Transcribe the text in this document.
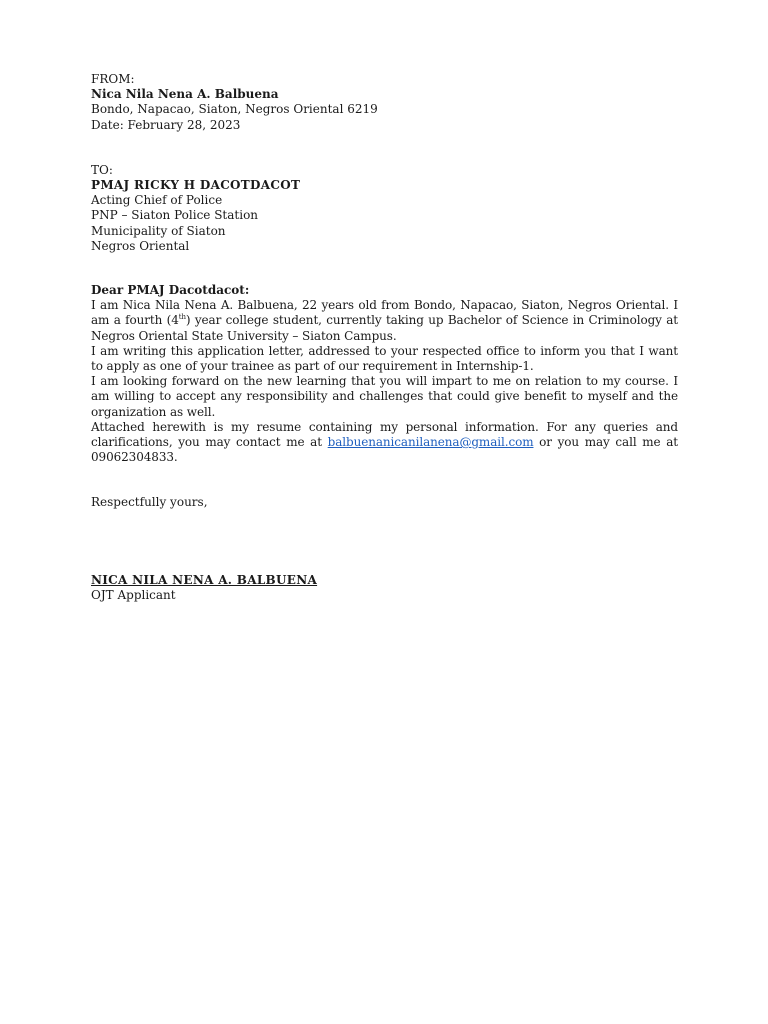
FROM:
Nica Nila Nena A. Balbuena
Bondo, Napacao, Siaton, Negros Oriental 6219
Date: February 28, 2023
TO:
PMAJ RICKY H DACOTDACOT
Acting Chief of Police
PNP – Siaton Police Station
Municipality of Siaton
Negros Oriental
Dear PMAJ Dacotdacot:
I am Nica Nila Nena A. Balbuena, 22 years old from Bondo, Napacao, Siaton, Negros Oriental. I am a fourth (4th) year college student, currently taking up Bachelor of Science in Criminology at Negros Oriental State University – Siaton Campus.
I am writing this application letter, addressed to your respected office to inform you that I want to apply as one of your trainee as part of our requirement in Internship-1.
I am looking forward on the new learning that you will impart to me on relation to my course. I am willing to accept any responsibility and challenges that could give benefit to myself and the organization as well.
Attached herewith is my resume containing my personal information. For any queries and clarifications, you may contact me at balbuenanicanilanena@gmail.com or you may call me at 09062304833.
Respectfully yours,
NICA NILA NENA A. BALBUENA
OJT Applicant
